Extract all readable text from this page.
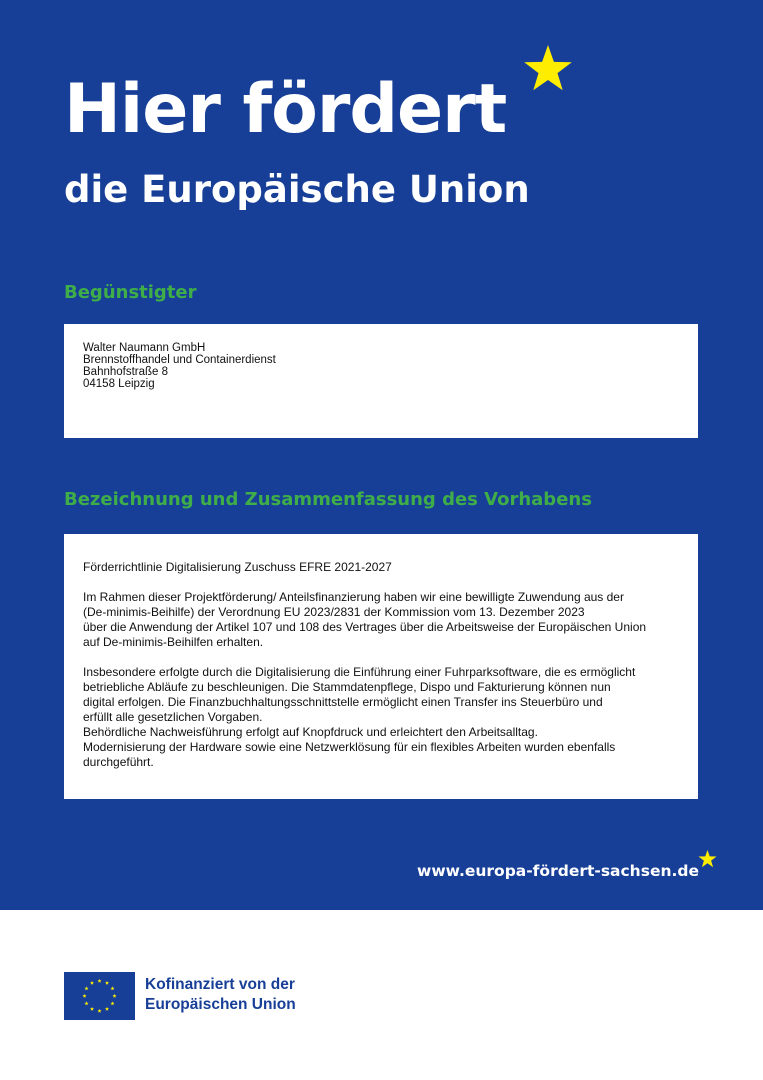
Hier fördert
die Europäische Union
Begünstigter
Walter Naumann GmbH
Brennstoffhandel und Containerdienst
Bahnhofstraße 8
04158 Leipzig
Bezeichnung und Zusammenfassung des Vorhabens
Förderrichtlinie Digitalisierung Zuschuss EFRE 2021-2027
Im Rahmen dieser Projektförderung/ Anteilsfinanzierung haben wir eine bewilligte Zuwendung aus der
(De-minimis-Beihilfe) der Verordnung EU 2023/2831 der Kommission vom 13. Dezember 2023
über die Anwendung der Artikel 107 und 108 des Vertrages über die Arbeitsweise der Europäischen Union
auf De-minimis-Beihilfen erhalten.
Insbesondere erfolgte durch die Digitalisierung die Einführung einer Fuhrparksoftware, die es ermöglicht
betriebliche Abläufe zu beschleunigen. Die Stammdatenpflege, Dispo und Fakturierung können nun
digital erfolgen. Die Finanzbuchhaltungsschnittstelle ermöglicht einen Transfer ins Steuerbüro und
erfüllt alle gesetzlichen Vorgaben.
Behördliche Nachweisführung erfolgt auf Knopfdruck und erleichtert den Arbeitsalltag.
Modernisierung der Hardware sowie eine Netzwerklösung für ein flexibles Arbeiten wurden ebenfalls
durchgeführt.
www.europa-fördert-sachsen.de
Kofinanziert von der
Europäischen Union
